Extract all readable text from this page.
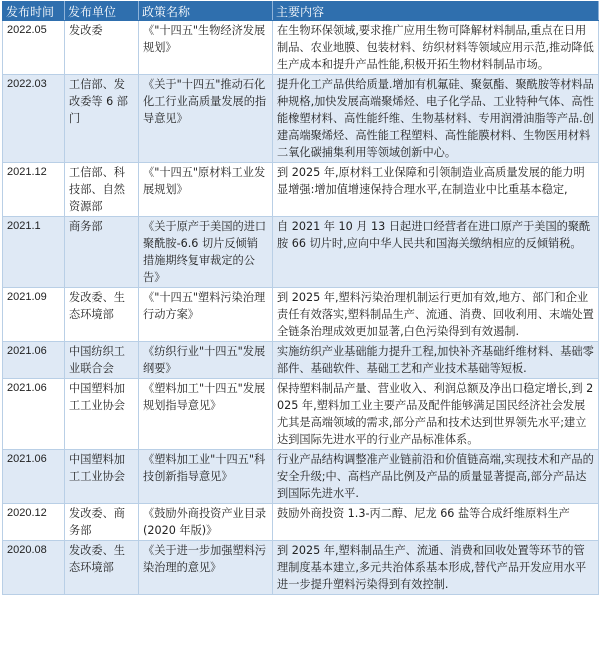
发布时间	发布单位	政策名称	主要内容
2022.05	发改委	《"十四五"生物经济发展规划》	在生物环保领域,要求推广应用生物可降解材料制品,重点在日用制品、农业地膜、包装材料、纺织材料等领域应用示范,推动降低生产成本和提升产品性能,积极开拓生物材料制品市场。
2022.03	工信部、发改委等 6 部门	《关于"十四五"推动石化化工行业高质量发展的指导意见》	提升化工产品供给质量.增加有机氟硅、聚氨酯、聚酰胺等材料品种规格,加快发展高端聚烯烃、电子化学品、工业特种气体、高性能橡塑材料、高性能纤维、生物基材料、专用润滑油脂等产品.创建高端聚烯烃、高性能工程塑料、高性能膜材料、生物医用材料二氧化碳捕集利用等领域创新中心。
2021.12	工信部、科技部、自然资源部	《"十四五"原材料工业发展规划》	到 2025 年,原材料工业保障和引领制造业高质量发展的能力明显增强:增加值增速保持合理水平,在制造业中比重基本稳定,
2021.1	商务部	《关于原产于美国的进口聚酰胺-6.6 切片反倾销措施期终复审裁定的公告》	自 2021 年 10 月 13 日起进口经营者在进口原产于美国的聚酰胺 66 切片时,应向中华人民共和国海关缴纳相应的反倾销税。
2021.09	发改委、生态环境部	《"十四五"塑料污染治理行动方案》	到 2025 年,塑料污染治理机制运行更加有效,地方、部门和企业责任有效落实,塑料制品生产、流通、消费、回收利用、末端处置全链条治理成效更加显著,白色污染得到有效遏制.
2021.06	中国纺织工业联合会	《纺织行业"十四五"发展纲要》	实施纺织产业基础能力提升工程,加快补齐基础纤维材料、基础零部件、基础软件、基础工艺和产业技术基础等短板.
2021.06	中国塑料加工工业协会	《塑料加工"十四五"发展规划指导意见》	保持塑料制品产量、营业收入、利润总额及净出口稳定增长,到 2025 年,塑料加工业主要产品及配件能够满足国民经济社会发展尤其是高端领域的需求,部分产品和技术达到世界领先水平;建立达到国际先进水平的行业产品标准体系。
2021.06	中国塑料加工工业协会	《塑料加工业"十四五"科技创新指导意见》	行业产品结构调整准产业链前沿和价值链高端,实现技术和产品的安全升级;中、高档产品比例及产品的质量显著提高,部分产品达到国际先进水平.
2020.12	发改委、商务部	《鼓励外商投资产业目录(2020 年版)》	鼓励外商投资 1.3-丙二醇、尼龙 66 盐等合成纤维原料生产
2020.08	发改委、生态环境部	《关于进一步加强塑料污染治理的意见》	到 2025 年,塑料制品生产、流通、消费和回收处置等环节的管理制度基本建立,多元共治体系基本形成,替代产品开发应用水平进一步提升塑料污染得到有效控制.
